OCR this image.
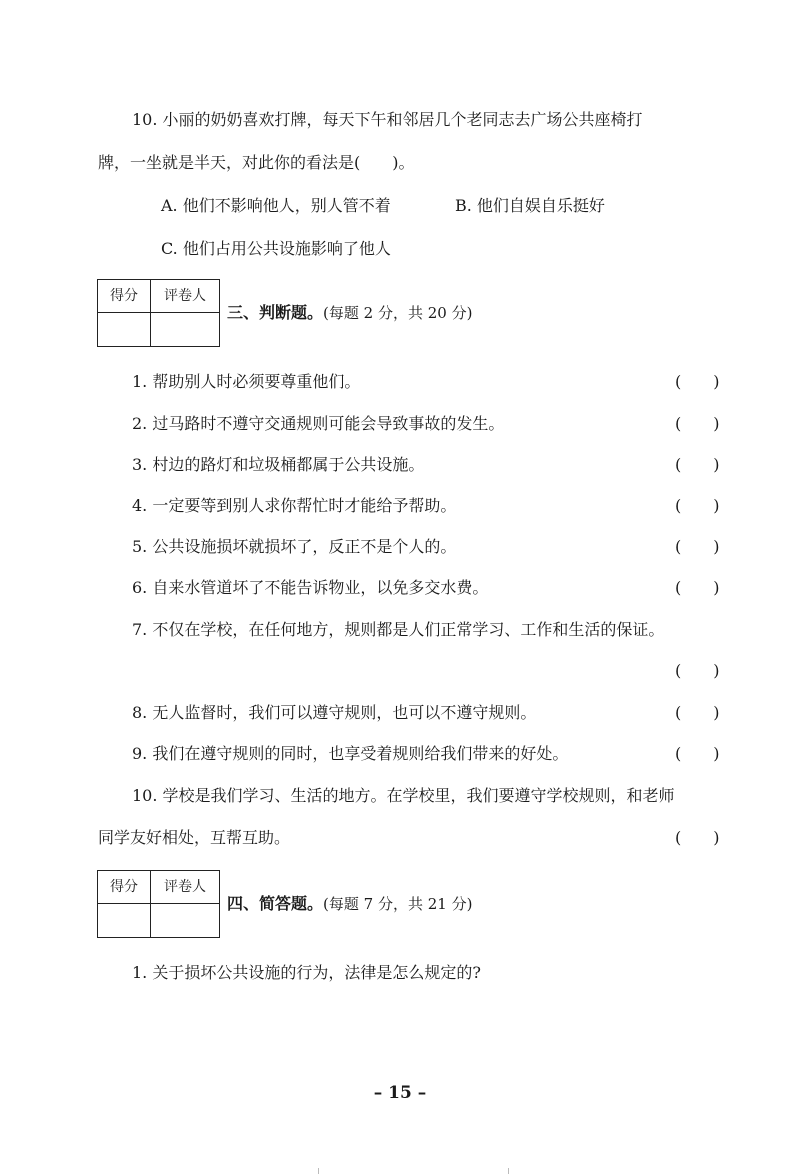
10. 小丽的奶奶喜欢打牌，每天下午和邻居几个老同志去广场公共座椅打
牌，一坐就是半天，对此你的看法是(　　)。
A. 他们不影响他人，别人管不着	B. 他们自娱自乐挺好
C. 他们占用公共设施影响了他人
得分	评卷人

三、判断题。(每题 2 分，共 20 分)
1. 帮助别人时必须要尊重他们。	(　　)
2. 过马路时不遵守交通规则可能会导致事故的发生。	(　　)
3. 村边的路灯和垃圾桶都属于公共设施。	(　　)
4. 一定要等到别人求你帮忙时才能给予帮助。	(　　)
5. 公共设施损坏就损坏了，反正不是个人的。	(　　)
6. 自来水管道坏了不能告诉物业，以免多交水费。	(　　)
7. 不仅在学校，在任何地方，规则都是人们正常学习、工作和生活的保证。
(　　)
8. 无人监督时，我们可以遵守规则，也可以不遵守规则。	(　　)
9. 我们在遵守规则的同时，也享受着规则给我们带来的好处。	(　　)
10. 学校是我们学习、生活的地方。在学校里，我们要遵守学校规则，和老师
同学友好相处，互帮互助。	(　　)
得分	评卷人

四、简答题。(每题 7 分，共 21 分)
1. 关于损坏公共设施的行为，法律是怎么规定的?
– 15 –
